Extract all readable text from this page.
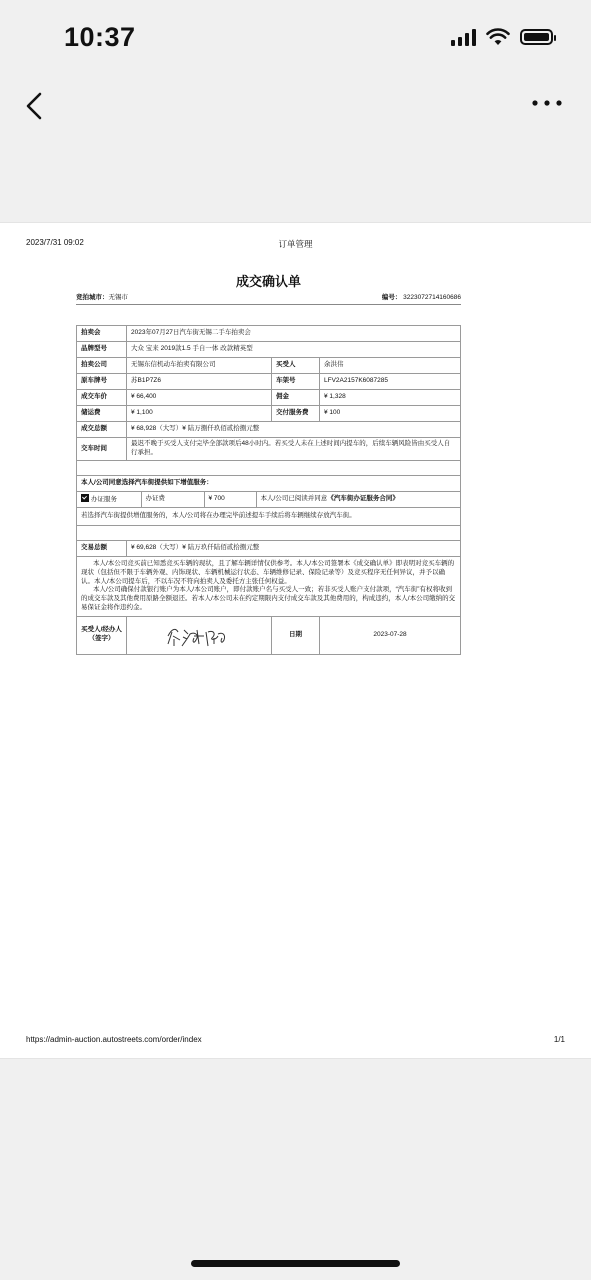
10:37
2023/7/31 09:02	订单管理
成交确认单
竞拍城市：无锡市	编号： 3223072714160686
拍卖会	2023年07月27日汽车街无锡二手车拍卖会
品牌型号	大众 宝来 2019款1.5 手自一体 改款精英型
拍卖公司	无锡东信机动车拍卖有限公司	买受人	余洪伟
原车牌号	苏B1P7Z6	车架号	LFV2A2157K6087285
成交车价	¥ 66,400	佣金	¥ 1,328
储运费	¥ 1,100	交付服务费	¥ 100
成交总额	¥ 68,928（大写）¥ 陆万捌仟玖佰贰拾捌元整
交车时间	最迟不晚于买受人支付完毕全部款项后48小时内。若买受人未在上述时间内提车的，后续车辆风险皆由买受人自行承担。

本人/公司同意选择汽车街提供如下增值服务：

办证服务	办证费	¥ 700	本人/公司已阅读并同意《汽车街办证服务合同》

若选择汽车街提供增值服务的，本人/公司将在办理完毕前述提车手续后将车辆继续存放汽车街。

交易总额	¥ 69,628（大写）¥ 陆万玖仟陆佰贰拾捌元整

本人/本公司竞买前已知悉竞买车辆的现状，且了解车辆详情仅供参考。本人/本公司签署本《成交确认单》即表明对竞买车辆的现状（包括但不限于车辆外观、内饰现状、车辆机械运行状态、车辆维修记录、保险记录等）及竞买程序无任何异议，并予以确认。本人/本公司提车后，不以车况不符向拍卖人及委托方主张任何权益。

本人/公司确保付款银行账户为本人/本公司账户，即付款账户名与买受人一致；若非买受人账户支付款项，“汽车街”有权将收到的成交车款及其他费用原路全额退还。若本人/本公司未在约定期限内支付成交车款及其他费用的，构成违约，本人/本公司缴纳的交易保证金将作违约金。

买受人/经办人
（签字）

	日期	2023-07-28
https://admin-auction.autostreets.com/order/index	1/1
